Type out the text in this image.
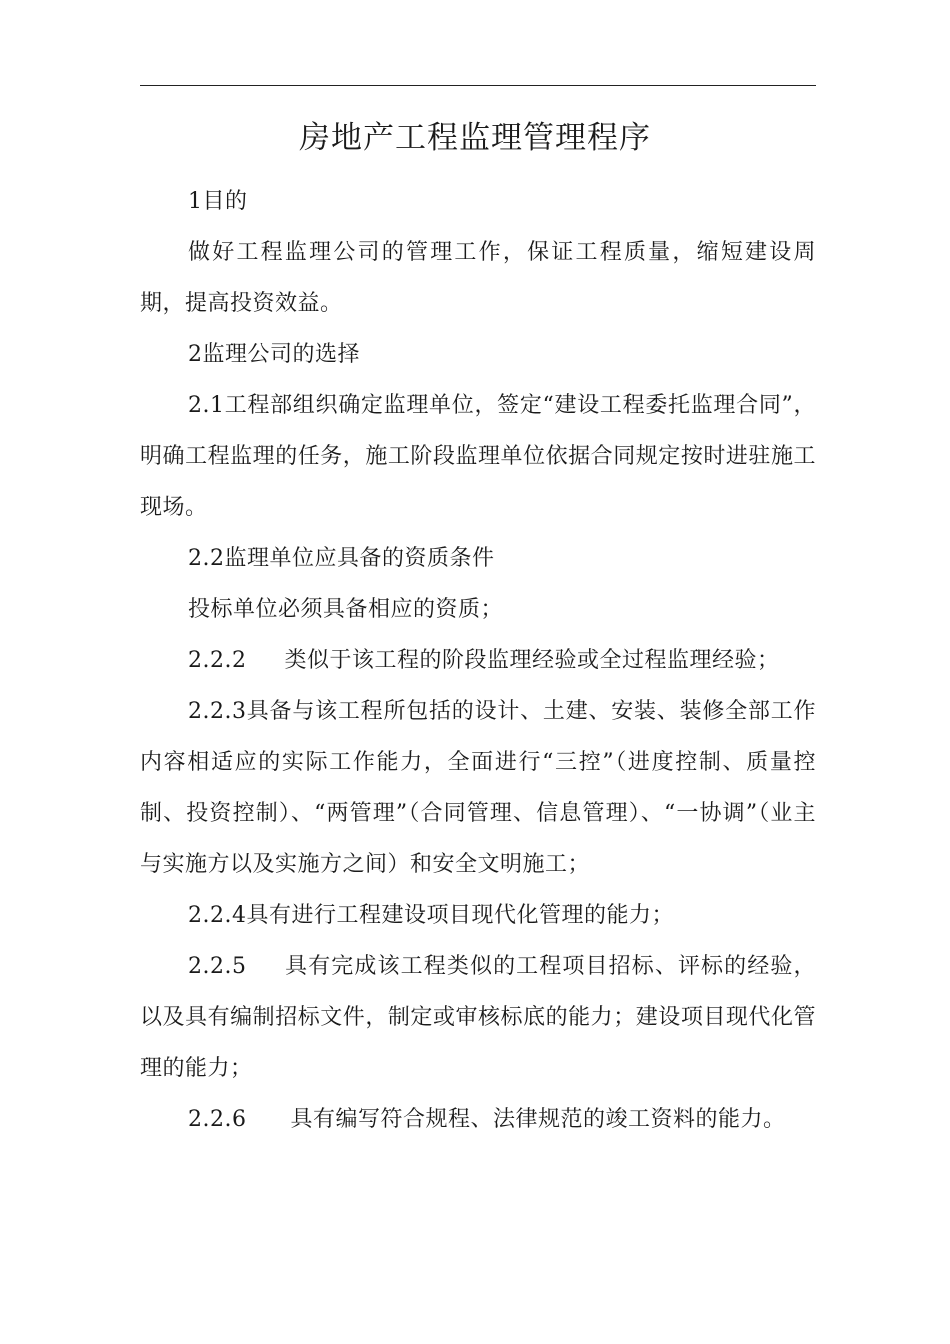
房地产工程监理管理程序

1目的

做好工程监理公司的管理工作，保证工程质量，缩短建设周期，提高投资效益。

2监理公司的选择

2.1工程部组织确定监理单位，签定“建设工程委托监理合同”，明确工程监理的任务，施工阶段监理单位依据合同规定按时进驻施工现场。

2.2监理单位应具备的资质条件

投标单位必须具备相应的资质；

2.2.2 类似于该工程的阶段监理经验或全过程监理经验；

2.2.3具备与该工程所包括的设计、土建、安装、装修全部工作内容相适应的实际工作能力，全面进行“三控”（进度控制、质量控制、投资控制）、“两管理”（合同管理、信息管理）、“一协调”（业主与实施方以及实施方之间）和安全文明施工；

2.2.4具有进行工程建设项目现代化管理的能力；

2.2.5 具有完成该工程类似的工程项目招标、评标的经验，以及具有编制招标文件，制定或审核标底的能力；建设项目现代化管理的能力；

2.2.6 具有编写符合规程、法律规范的竣工资料的能力。
